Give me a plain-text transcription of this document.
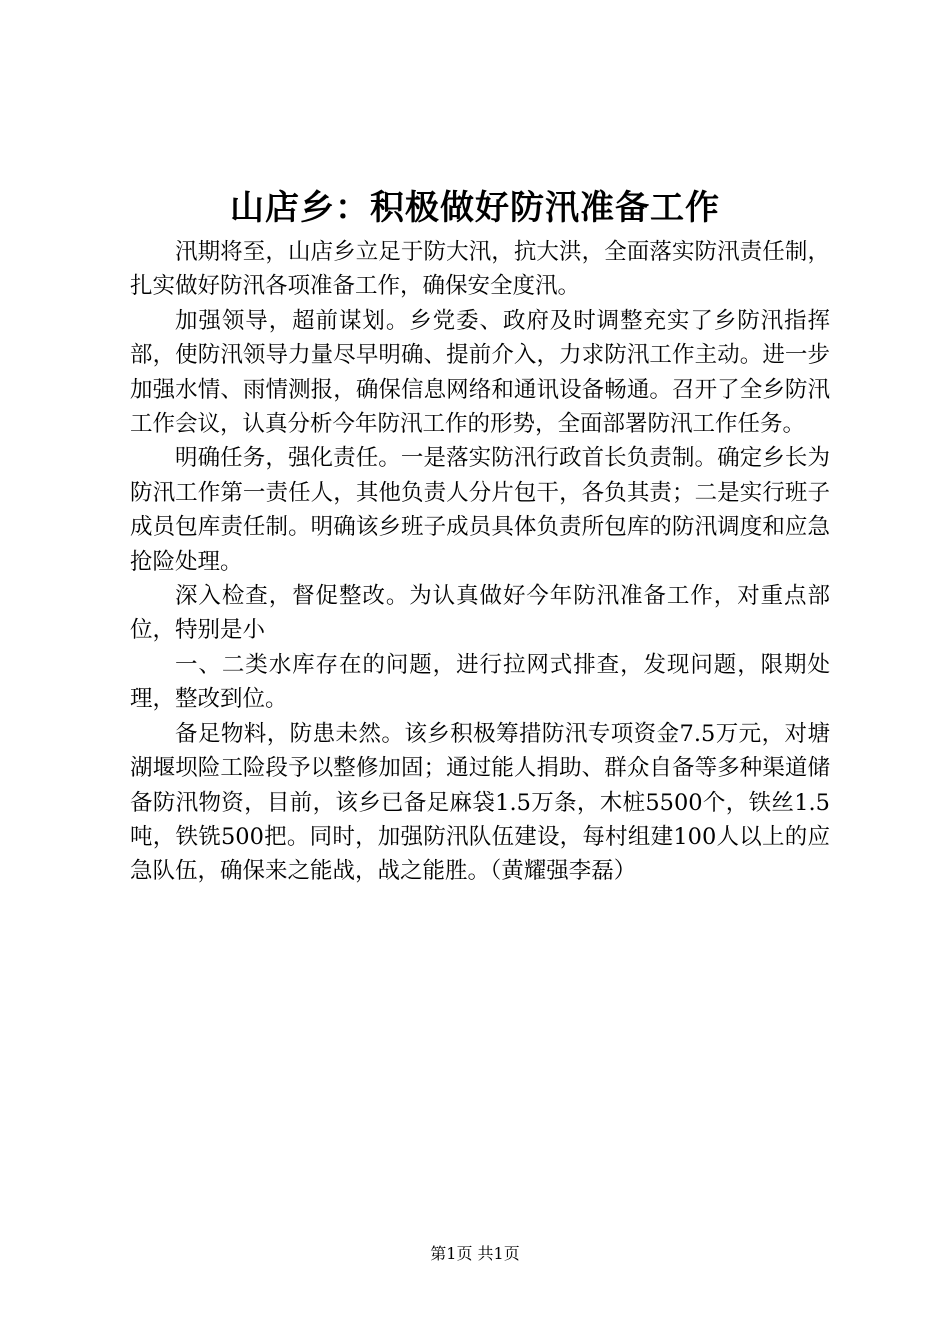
山店乡：积极做好防汛准备工作

汛期将至，山店乡立足于防大汛，抗大洪，全面落实防汛责任制，扎实做好防汛各项准备工作，确保安全度汛。

加强领导，超前谋划。乡党委、政府及时调整充实了乡防汛指挥部，使防汛领导力量尽早明确、提前介入，力求防汛工作主动。进一步加强水情、雨情测报，确保信息网络和通讯设备畅通。召开了全乡防汛工作会议，认真分析今年防汛工作的形势，全面部署防汛工作任务。

明确任务，强化责任。一是落实防汛行政首长负责制。确定乡长为防汛工作第一责任人，其他负责人分片包干，各负其责；二是实行班子成员包库责任制。明确该乡班子成员具体负责所包库的防汛调度和应急抢险处理。

深入检查，督促整改。为认真做好今年防汛准备工作，对重点部位，特别是小

一、二类水库存在的问题，进行拉网式排查，发现问题，限期处理，整改到位。

备足物料，防患未然。该乡积极筹措防汛专项资金7.5万元，对塘湖堰坝险工险段予以整修加固；通过能人捐助、群众自备等多种渠道储备防汛物资，目前，该乡已备足麻袋1.5万条，木桩5500个，铁丝1.5吨，铁铣500把。同时，加强防汛队伍建设，每村组建100人以上的应急队伍，确保来之能战，战之能胜。（黄耀强李磊）

第1页 共1页
